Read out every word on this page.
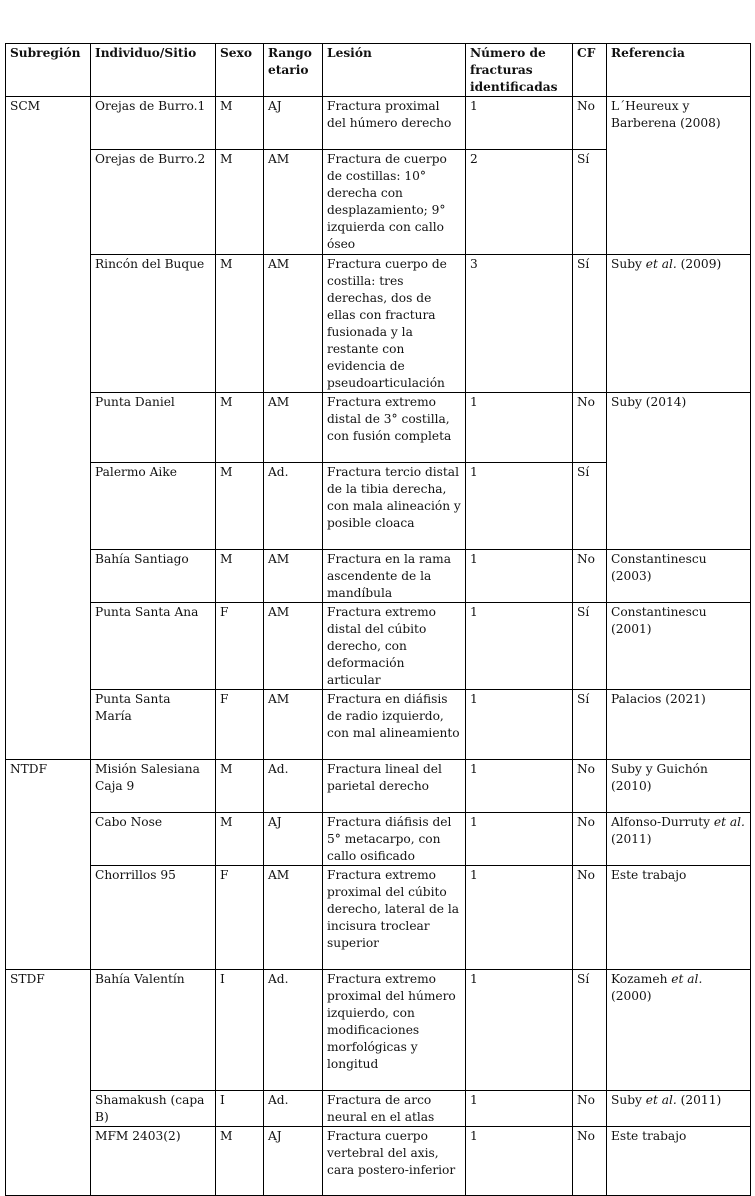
Subregión	Individuo/Sitio	Sexo	Rango etario	Lesión	Número de fracturas identificadas	CF	Referencia
SCM	Orejas de Burro.1	M	AJ	Fractura proximal del húmero derecho	1	No	L´Heureux y Barberena (2008)
	Orejas de Burro.2	M	AM	Fractura de cuerpo de costillas: 10° derecha con desplazamiento; 9° izquierda con callo óseo	2	Sí	
	Rincón del Buque	M	AM	Fractura cuerpo de costilla: tres derechas, dos de ellas con fractura fusionada y la restante con evidencia de pseudoarticulación	3	Sí	Suby et al. (2009)
	Punta Daniel	M	AM	Fractura extremo distal de 3° costilla, con fusión completa	1	No	Suby (2014)
	Palermo Aike	M	Ad.	Fractura tercio distal de la tibia derecha, con mala alineación y posible cloaca	1	Sí	
	Bahía Santiago	M	AM	Fractura en la rama ascendente de la mandíbula	1	No	Constantinescu (2003)
	Punta Santa Ana	F	AM	Fractura extremo distal del cúbito derecho, con deformación articular	1	Sí	Constantinescu (2001)
	Punta Santa María	F	AM	Fractura en diáfisis de radio izquierdo, con mal alineamiento	1	Sí	Palacios (2021)
NTDF	Misión Salesiana Caja 9	M	Ad.	Fractura lineal del parietal derecho	1	No	Suby y Guichón (2010)
	Cabo Nose	M	AJ	Fractura diáfisis del 5° metacarpo, con callo osificado	1	No	Alfonso-Durruty et al. (2011)
	Chorrillos 95	F	AM	Fractura extremo proximal del cúbito derecho, lateral de la incisura troclear superior	1	No	Este trabajo
STDF	Bahía Valentín	I	Ad.	Fractura extremo proximal del húmero izquierdo, con modificaciones morfológicas y longitud	1	Sí	Kozameh et al. (2000)
	Shamakush (capa B)	I	Ad.	Fractura de arco neural en el atlas	1	No	Suby et al. (2011)
	MFM 2403(2)	M	AJ	Fractura cuerpo vertebral del axis, cara postero-inferior	1	No	Este trabajo
